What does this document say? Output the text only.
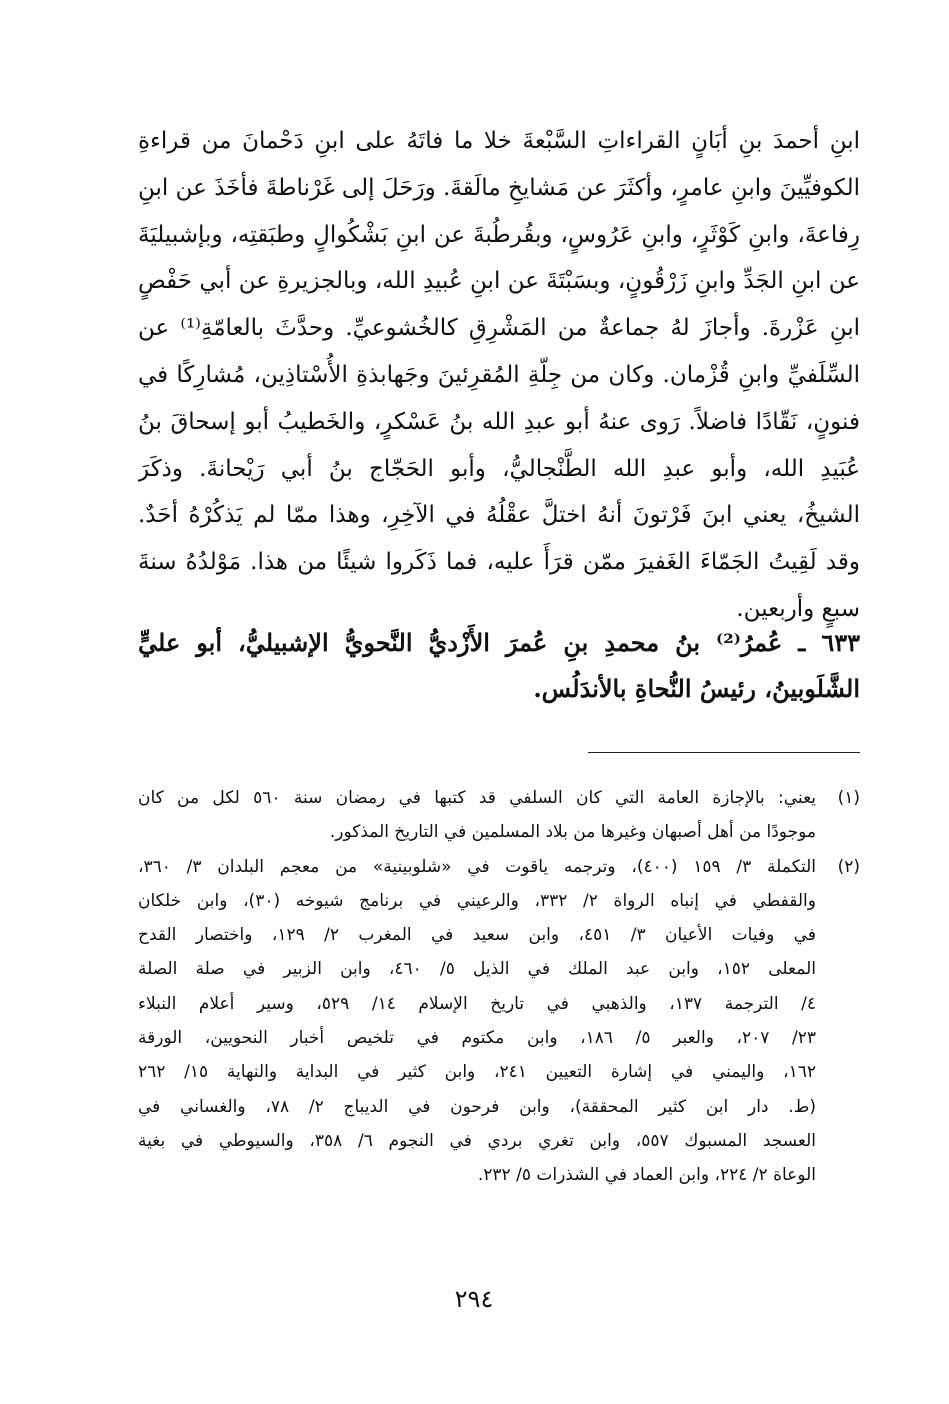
ابنِ أحمدَ بنِ أبَانٍ القراءاتِ السَّبْعةَ خلا ما فاتَهُ على ابنِ دَحْمانَ من قراءةِ
الكوفيِّينَ وابنِ عامرٍ، وأكثَرَ عن مَشايخِ مالَقةَ. ورَحَلَ إلى غَرْناطةَ فأخَذَ عن ابنِ
رِفاعةَ، وابنِ كَوْثَرٍ، وابنِ عَرُوسٍ، وبقُرطُبةَ عن ابنِ بَشْكُوالٍ وطبَقتِه، وبإشبيليَةَ
عن ابنِ الجَدِّ وابنِ زَرْقُونٍ، وبسَبْتَةَ عن ابنِ عُبيدِ الله، وبالجزيرةِ عن أبي حَفْصٍ
ابنِ عَزْرةَ. وأجازَ لهُ جماعةٌ من المَشْرِقِ كالخُشوعيِّ. وحدَّثَ بالعامّةِ⁽¹⁾ عن
السِّلَفيِّ وابنِ قُزْمان. وكان من جِلّةِ المُقرِئينَ وجَهابذةِ الأُسْتاذِين، مُشارِكًا في
فنونٍ، نَقّادًا فاضلاً. رَوى عنهُ أبو عبدِ الله بنُ عَسْكرٍ، والخَطيبُ أبو إسحاقَ بنُ
عُبَيدِ الله، وأبو عبدِ الله الطَّنْجاليُّ، وأبو الحَجّاج بنُ أبي رَيْحانةَ. وذكَرَ
الشيخُ، يعني ابنَ فَرْتونَ أنهُ اختلَّ عقْلُهُ في الآخِرِ، وهذا ممّا لم يَذكُرْهُ أحَدٌ.
وقد لَقِيتُ الجَمّاءَ الغَفيرَ ممّن قرَأَ عليه، فما ذَكَروا شيئًا من هذا. مَوْلدُهُ سنةَ
سبعٍ وأربعين.
٦٣٣ ـ عُمرُ⁽²⁾ بنُ محمدِ بنِ عُمرَ الأَزْديُّ النَّحويُّ الإشبيليُّ، أبو عليٍّ
الشَّلَوبينُ، رئيسُ النُّحاةِ بالأندَلُس.
(١)
يعني: بالإجازة العامة التي كان السلفي قد كتبها في رمضان سنة ٥٦٠ لكل من كان
موجودًا من أهل أصبهان وغيرها من بلاد المسلمين في التاريخ المذكور.
(٢)
التكملة ٣/ ١٥٩ (٤٠٠)، وترجمه ياقوت في «شلوبينية» من معجم البلدان ٣/ ٣٦٠،
والقفطي في إنباه الرواة ٢/ ٣٣٢، والرعيني في برنامج شيوخه (٣٠)، وابن خلكان
في وفيات الأعيان ٣/ ٤٥١، وابن سعيد في المغرب ٢/ ١٢٩، واختصار القدح
المعلى ١٥٢، وابن عبد الملك في الذيل ٥/ ٤٦٠، وابن الزبير في صلة الصلة
٤/ الترجمة ١٣٧، والذهبي في تاريخ الإسلام ١٤/ ٥٢٩، وسير أعلام النبلاء
٢٣/ ٢٠٧، والعبر ٥/ ١٨٦، وابن مكتوم في تلخيص أخبار النحويين، الورقة
١٦٢، واليمني في إشارة التعيين ٢٤١، وابن كثير في البداية والنهاية ١٥/ ٢٦٢
(ط. دار ابن كثير المحققة)، وابن فرحون في الديباج ٢/ ٧٨، والغساني في
العسجد المسبوك ٥٥٧، وابن تغري بردي في النجوم ٦/ ٣٥٨، والسيوطي في بغية
الوعاة ٢/ ٢٢٤، وابن العماد في الشذرات ٥/ ٢٣٢.
٢٩٤
